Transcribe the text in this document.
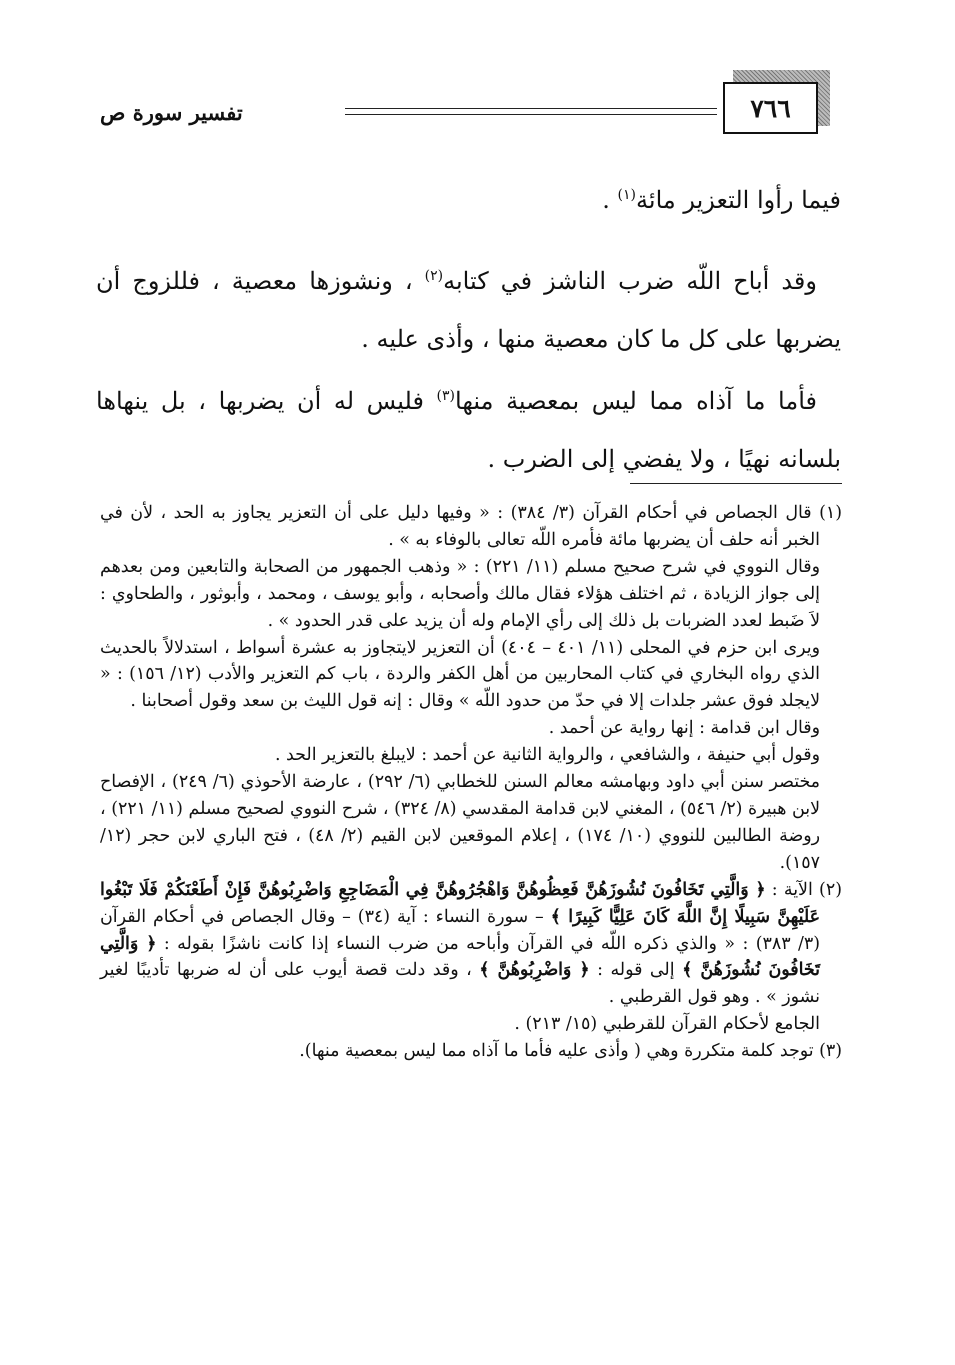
٧٦٦
تفسير سورة ص

فيما رأوا التعزير مائة$^{(١)}$ .

وقد أباح اللّه ضرب الناشز في كتابه$^{(٢)}$ ، ونشوزها معصية ، فللزوج أن يضربها على كل ما كان معصية منها ، وأذى عليه .

فأما ما آذاه مما ليس بمعصية منها$^{(٣)}$ فليس له أن يضربها ، بل ينهاها بلسانه نهيًا ، ولا يفضي إلى الضرب .

(١) قال الجصاص في أحكام القرآن (٣/ ٣٨٤) : « وفيها دليل على أن التعزير يجاوز به الحد ، لأن في الخبر أنه حلف أن يضربها مائة فأمره اللّه تعالى بالوفاء به » .

وقال النووي في شرح صحيح مسلم (١١/ ٢٢١) : « وذهب الجمهور من الصحابة والتابعين ومن بعدهم إلى جواز الزيادة ، ثم اختلف هؤلاء فقال مالك وأصحابه ، وأبو يوسف ، ومحمد ، وأبوثور ، والطحاوي : لاَ ضَبط لعدد الضربات بل ذلك إلى رأي الإمام وله أن يزيد على قدر الحدود » .

ويرى ابن حزم في المحلى (١١/ ٤٠١ – ٤٠٤) أن التعزير لايتجاوز به عشرة أسواط ، استدلالاً بالحديث الذي رواه البخاري في كتاب المحاربين من أهل الكفر والردة ، باب كم التعزير والأدب (١٢/ ١٥٦) : « لايجلد فوق عشر جلدات إلا في حدّ من حدود اللّه » وقال : إنه قول الليث بن سعد وقول أصحابنا .

وقال ابن قدامة : إنها رواية عن أحمد .

وقول أبي حنيفة ، والشافعي ، والرواية الثانية عن أحمد : لايبلغ بالتعزير الحد .

مختصر سنن أبي داود وبهامشه معالم السنن للخطابي (٦/ ٢٩٢) ، عارضة الأحوذي (٦/ ٢٤٩) ، الإفصاح لابن هبيرة (٢/ ٥٤٦) ، المغني لابن قدامة المقدسي (٨/ ٣٢٤) ، شرح النووي لصحيح مسلم (١١/ ٢٢١) ، روضة الطالبين للنووي (١٠/ ١٧٤) ، إعلام الموقعين لابن القيم (٢/ ٤٨) ، فتح الباري لابن حجر (١٢/ ١٥٧).

(٢) الآية : ﴿ وَالَّتِي تَخَافُونَ نُشُوزَهُنَّ فَعِظُوهُنَّ وَاهْجُرُوهُنَّ فِي الْمَضَاجِعِ وَاضْرِبُوهُنَّ فَإِنْ أَطَعْنَكُمْ فَلَا تَبْغُوا عَلَيْهِنَّ سَبِيلًا إِنَّ اللَّهَ كَانَ عَلِيًّا كَبِيرًا ﴾ – سورة النساء : آية (٣٤) – وقال الجصاص في أحكام القرآن (٣/ ٣٨٣) : « والذي ذكره اللّه في القرآن وأباحه من ضرب النساء إذا كانت ناشزًا بقوله : ﴿ وَالَّتِي تَخَافُونَ نُشُوزَهُنَّ ﴾ إلى قوله : ﴿ وَاضْرِبُوهُنَّ ﴾ ، وقد دلت قصة أيوب على أن له ضربها تأديبًا لغير نشوز » . وهو قول القرطبي .

الجامع لأحكام القرآن للقرطبي (١٥/ ٢١٣) .

(٣) توجد كلمة متكررة وهي ( وأذى عليه فأما ما آذاه مما ليس بمعصية منها).
